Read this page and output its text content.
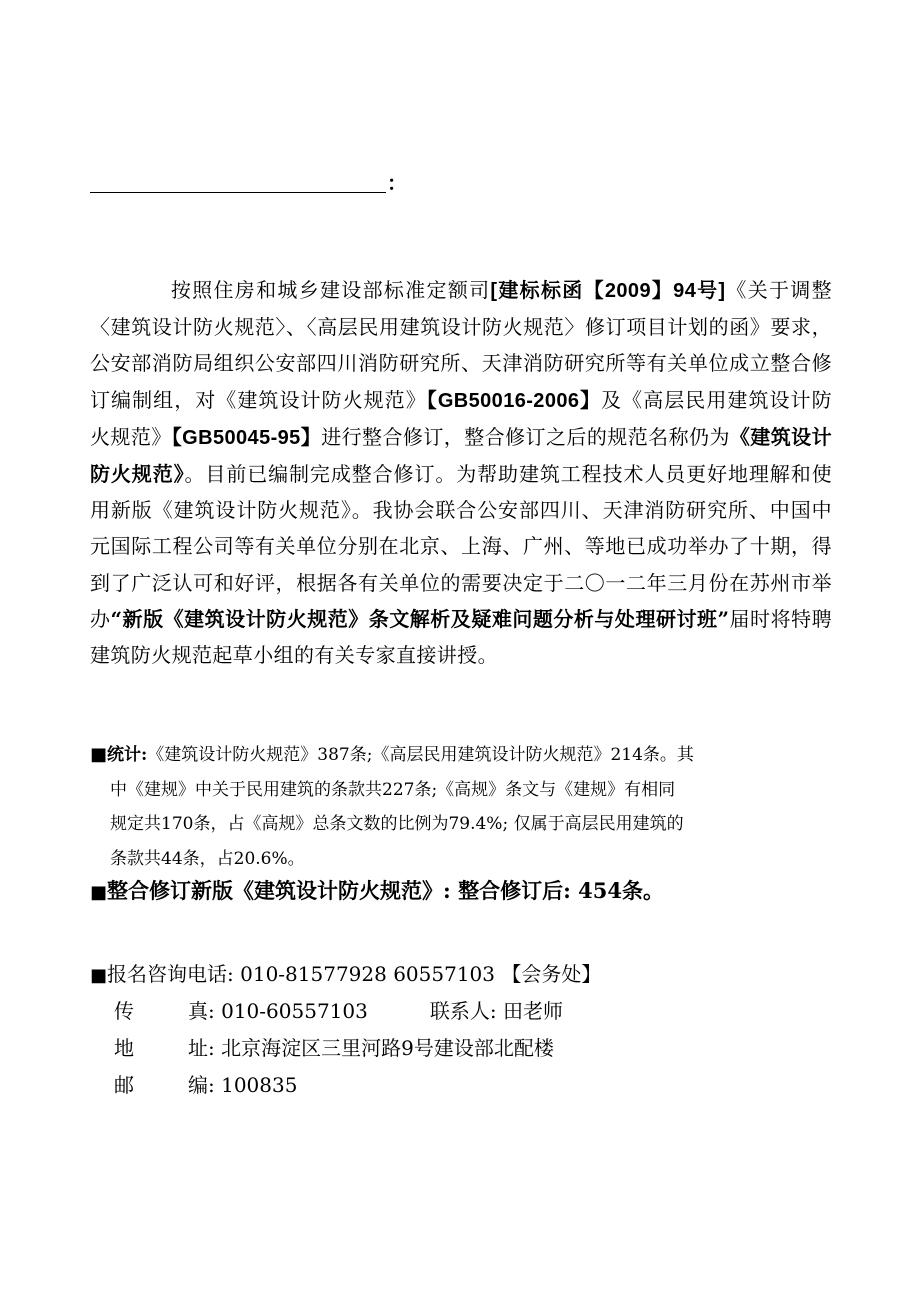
：
按照住房和城乡建设部标准定额司[建标标函【2009】94号]《关于调整〈建筑设计防火规范〉、〈高层民用建筑设计防火规范〉修订项目计划的函》要求，公安部消防局组织公安部四川消防研究所、天津消防研究所等有关单位成立整合修订编制组，对《建筑设计防火规范》【GB50016-2006】及《高层民用建筑设计防火规范》【GB50045-95】进行整合修订，整合修订之后的规范名称仍为《建筑设计防火规范》。目前已编制完成整合修订。为帮助建筑工程技术人员更好地理解和使用新版《建筑设计防火规范》。我协会联合公安部四川、天津消防研究所、中国中元国际工程公司等有关单位分别在北京、上海、广州、等地已成功举办了十期，得到了广泛认可和好评，根据各有关单位的需要决定于二〇一二年三月份在苏州市举办“新版《建筑设计防火规范》条文解析及疑难问题分析与处理研讨班”届时将特聘建筑防火规范起草小组的有关专家直接讲授。
■统计:《建筑设计防火规范》387条;《高层民用建筑设计防火规范》214条。其
中《建规》中关于民用建筑的条款共227条;《高规》条文与《建规》有相同
规定共170条，占《高规》总条文数的比例为79.4%; 仅属于高层民用建筑的
条款共44条，占20.6%。
■整合修订新版《建筑设计防火规范》: 整合修订后: 454条。
■报名咨询电话: 010-81577928 60557103 【会务处】
传	真: 010-60557103	联系人: 田老师
地	址: 北京海淀区三里河路9号建设部北配楼
邮	编: 100835
